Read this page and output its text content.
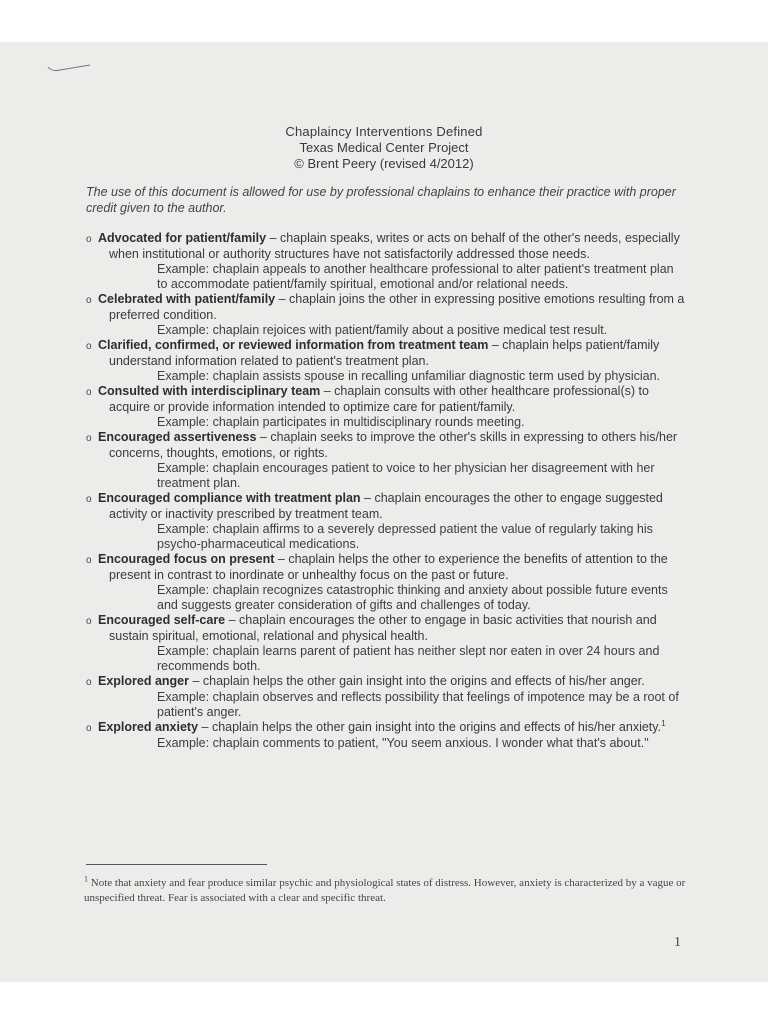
Chaplaincy Interventions Defined
Texas Medical Center Project
© Brent Peery (revised 4/2012)
The use of this document is allowed for use by professional chaplains to enhance their practice with proper credit given to the author.
o Advocated for patient/family – chaplain speaks, writes or acts on behalf of the other's needs, especially when institutional or authority structures have not satisfactorily addressed those needs.
Example: chaplain appeals to another healthcare professional to alter patient's treatment plan to accommodate patient/family spiritual, emotional and/or relational needs.
o Celebrated with patient/family – chaplain joins the other in expressing positive emotions resulting from a preferred condition.
Example: chaplain rejoices with patient/family about a positive medical test result.
o Clarified, confirmed, or reviewed information from treatment team – chaplain helps patient/family understand information related to patient's treatment plan.
Example: chaplain assists spouse in recalling unfamiliar diagnostic term used by physician.
o Consulted with interdisciplinary team – chaplain consults with other healthcare professional(s) to acquire or provide information intended to optimize care for patient/family.
Example: chaplain participates in multidisciplinary rounds meeting.
o Encouraged assertiveness – chaplain seeks to improve the other's skills in expressing to others his/her concerns, thoughts, emotions, or rights.
Example: chaplain encourages patient to voice to her physician her disagreement with her treatment plan.
o Encouraged compliance with treatment plan – chaplain encourages the other to engage suggested activity or inactivity prescribed by treatment team.
Example: chaplain affirms to a severely depressed patient the value of regularly taking his psycho-pharmaceutical medications.
o Encouraged focus on present – chaplain helps the other to experience the benefits of attention to the present in contrast to inordinate or unhealthy focus on the past or future.
Example: chaplain recognizes catastrophic thinking and anxiety about possible future events and suggests greater consideration of gifts and challenges of today.
o Encouraged self-care – chaplain encourages the other to engage in basic activities that nourish and sustain spiritual, emotional, relational and physical health.
Example: chaplain learns parent of patient has neither slept nor eaten in over 24 hours and recommends both.
o Explored anger – chaplain helps the other gain insight into the origins and effects of his/her anger.
Example: chaplain observes and reflects possibility that feelings of impotence may be a root of patient's anger.
o Explored anxiety – chaplain helps the other gain insight into the origins and effects of his/her anxiety.$^1$
Example: chaplain comments to patient, "You seem anxious. I wonder what that's about."
$^1$ Note that anxiety and fear produce similar psychic and physiological states of distress. However, anxiety is characterized by a vague or unspecified threat. Fear is associated with a clear and specific threat.
1
